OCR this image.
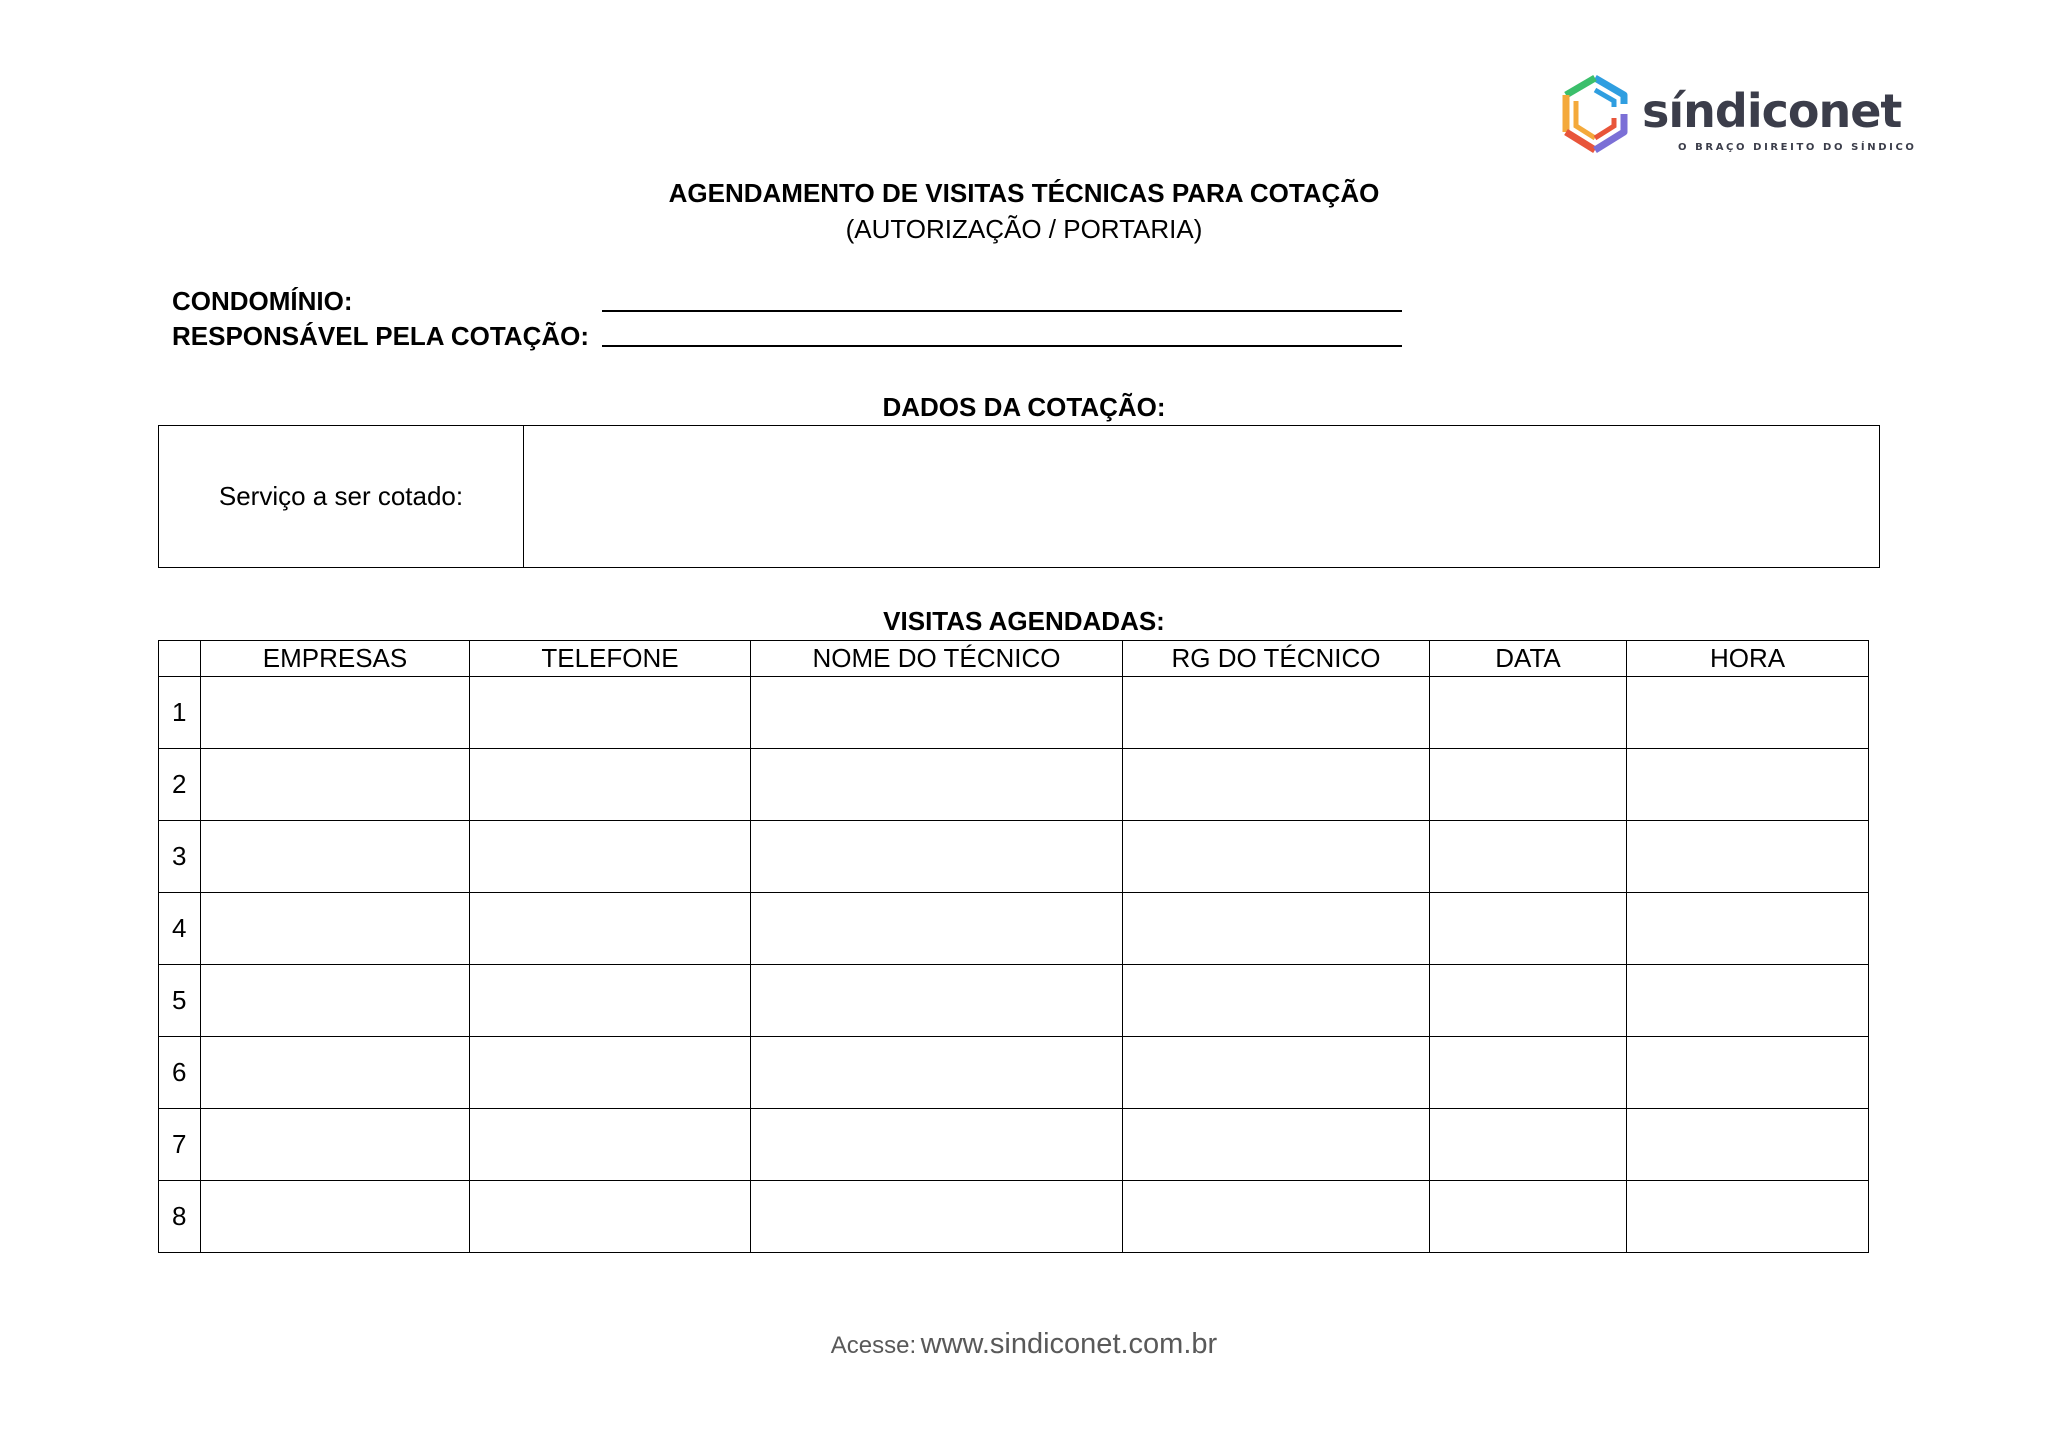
síndiconet
O BRAÇO DIREITO DO SÍNDICO
AGENDAMENTO DE VISITAS TÉCNICAS PARA COTAÇÃO
(AUTORIZAÇÃO / PORTARIA)
CONDOMÍNIO:
RESPONSÁVEL PELA COTAÇÃO:
DADOS DA COTAÇÃO:
Serviço a ser cotado:
VISITAS AGENDADAS:
	EMPRESAS	TELEFONE	NOME DO TÉCNICO	RG DO TÉCNICO	DATA	HORA
1						
2						
3						
4						
5						
6						
7						
8						
Acesse: www.sindiconet.com.br
